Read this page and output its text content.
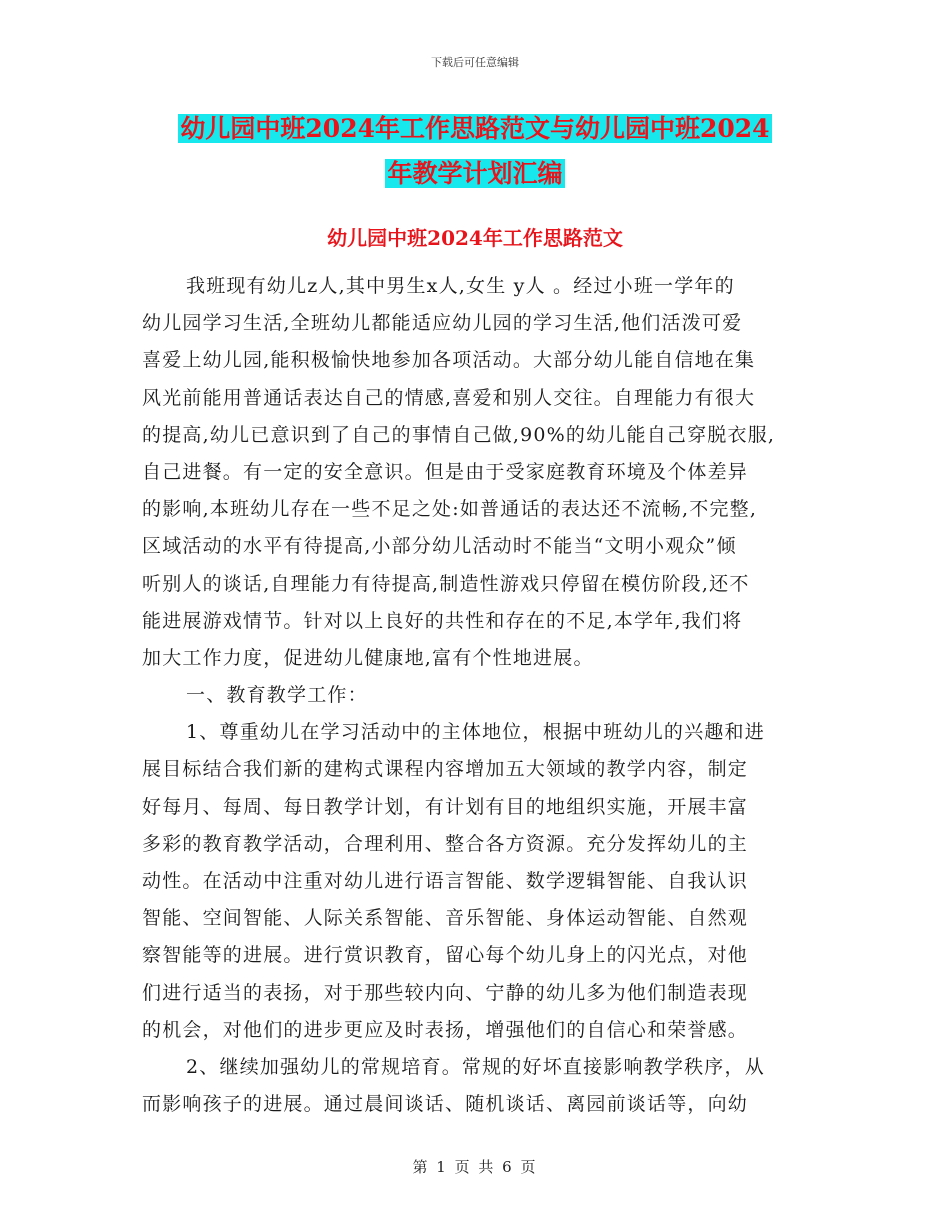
下载后可任意编辑
幼儿园中班2024年工作思路范文与幼儿园中班2024
年教学计划汇编
幼儿园中班2024年工作思路范文
我班现有幼儿z人,其中男生x人,女生 y人 。经过小班一学年的
幼儿园学习生活,全班幼儿都能适应幼儿园的学习生活,他们活泼可爱
喜爱上幼儿园,能积极愉快地参加各项活动。大部分幼儿能自信地在集
风光前能用普通话表达自己的情感,喜爱和别人交往。自理能力有很大
的提高,幼儿已意识到了自己的事情自己做,90%的幼儿能自己穿脱衣服,
自己进餐。有一定的安全意识。但是由于受家庭教育环境及个体差异
的影响,本班幼儿存在一些不足之处:如普通话的表达还不流畅,不完整,
区域活动的水平有待提高,小部分幼儿活动时不能当“文明小观众”倾
听别人的谈话,自理能力有待提高,制造性游戏只停留在模仿阶段,还不
能进展游戏情节。针对以上良好的共性和存在的不足,本学年,我们将
加大工作力度，促进幼儿健康地,富有个性地进展。
一、教育教学工作：
1、尊重幼儿在学习活动中的主体地位，根据中班幼儿的兴趣和进
展目标结合我们新的建构式课程内容增加五大领域的教学内容，制定
好每月、每周、每日教学计划，有计划有目的地组织实施，开展丰富
多彩的教育教学活动，合理利用、整合各方资源。充分发挥幼儿的主
动性。在活动中注重对幼儿进行语言智能、数学逻辑智能、自我认识
智能、空间智能、人际关系智能、音乐智能、身体运动智能、自然观
察智能等的进展。进行赏识教育，留心每个幼儿身上的闪光点，对他
们进行适当的表扬，对于那些较内向、宁静的幼儿多为他们制造表现
的机会，对他们的进步更应及时表扬，增强他们的自信心和荣誉感。
2、继续加强幼儿的常规培育。常规的好坏直接影响教学秩序，从
而影响孩子的进展。通过晨间谈话、随机谈话、离园前谈话等，向幼
第 1 页 共 6 页
